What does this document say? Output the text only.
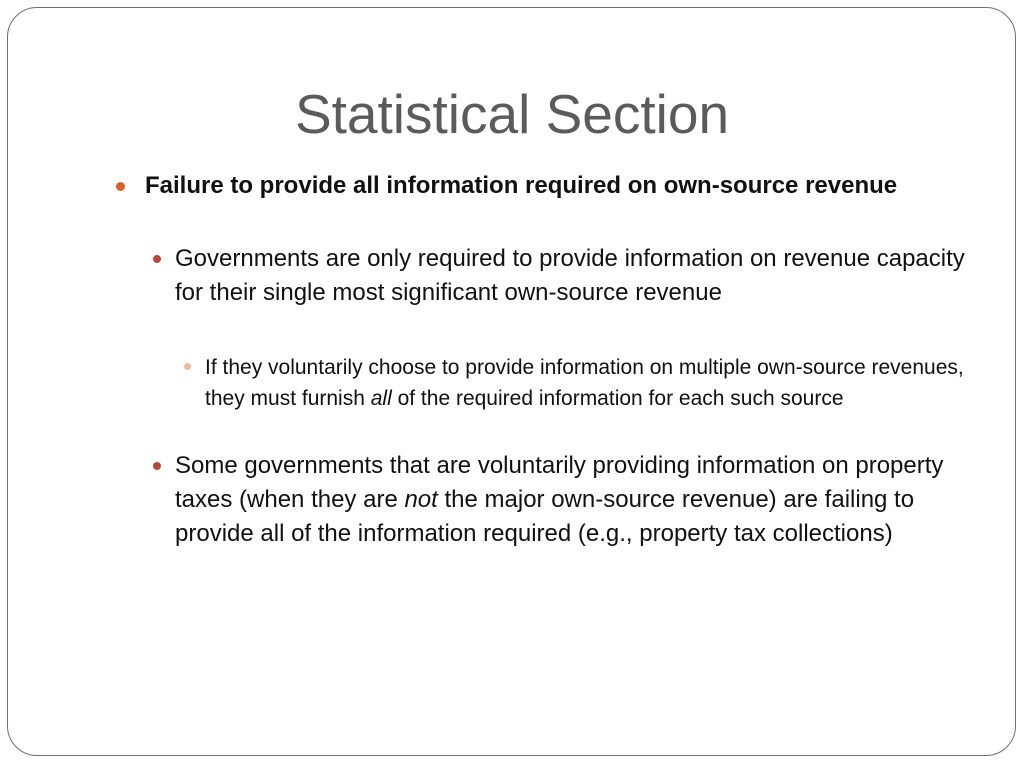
Statistical Section
Failure to provide all information required on own-source revenue
Governments are only required to provide information on revenue capacity for their single most significant own-source revenue
If they voluntarily choose to provide information on multiple own-source revenues, they must furnish all of the required information for each such source
Some governments that are voluntarily providing information on property taxes (when they are not the major own-source revenue) are failing to provide all of the information required (e.g., property tax collections)
